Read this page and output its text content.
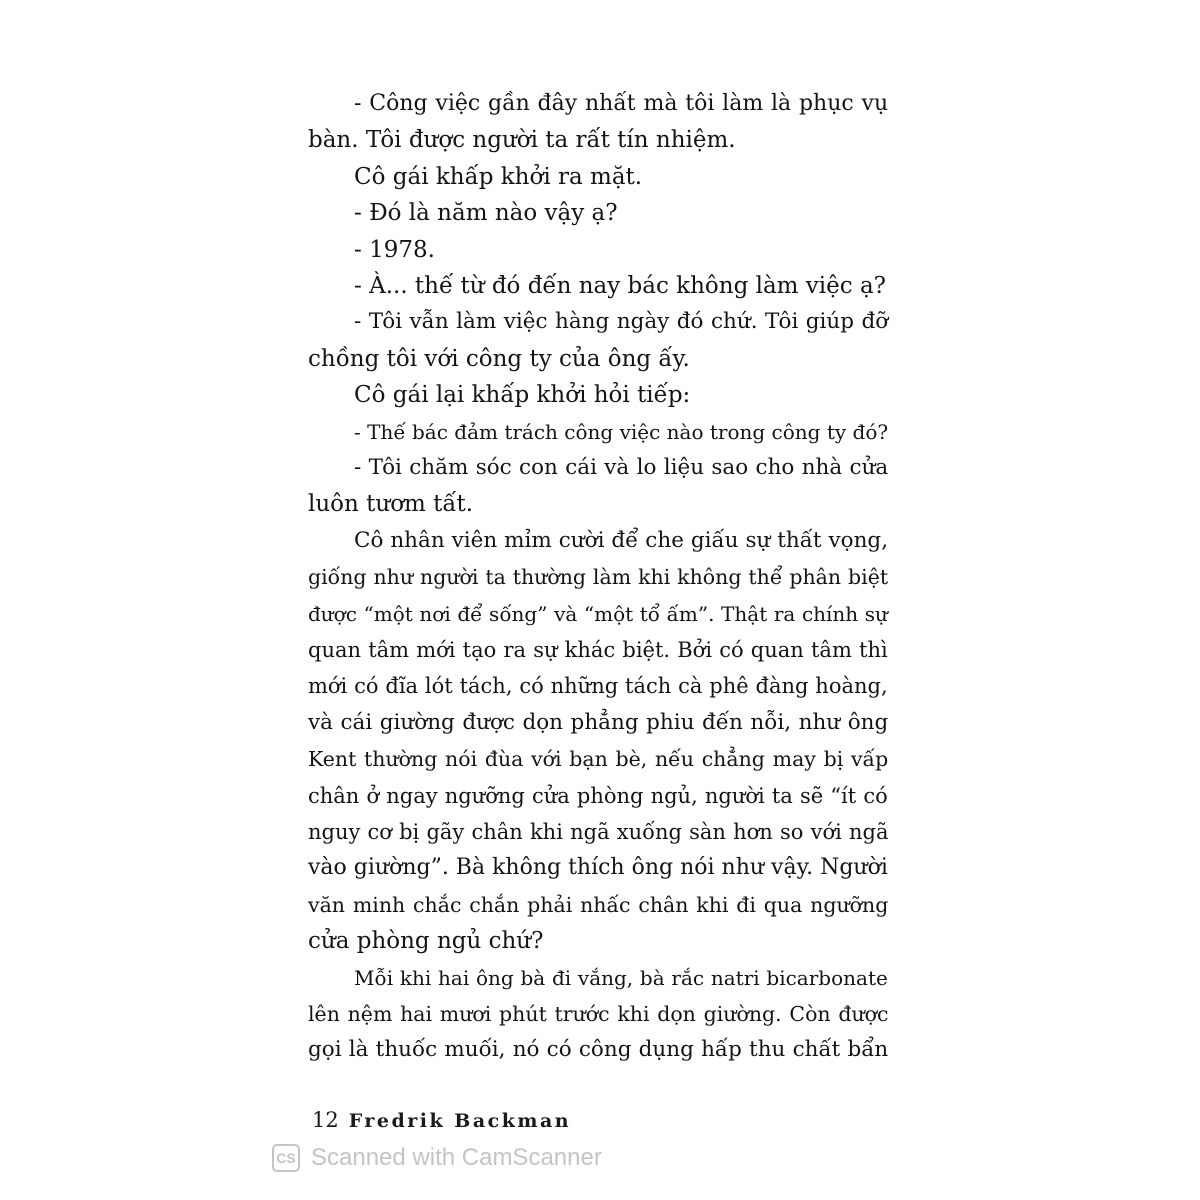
- Công việc gần đây nhất mà tôi làm là phục vụ
bàn. Tôi được người ta rất tín nhiệm.
Cô gái khấp khởi ra mặt.
- Đó là năm nào vậy ạ?
- 1978.
- À... thế từ đó đến nay bác không làm việc ạ?
- Tôi vẫn làm việc hàng ngày đó chứ. Tôi giúp đỡ
chồng tôi với công ty của ông ấy.
Cô gái lại khấp khởi hỏi tiếp:
- Thế bác đảm trách công việc nào trong công ty đó?
- Tôi chăm sóc con cái và lo liệu sao cho nhà cửa
luôn tươm tất.
Cô nhân viên mỉm cười để che giấu sự thất vọng,
giống như người ta thường làm khi không thể phân biệt
được “một nơi để sống” và “một tổ ấm”. Thật ra chính sự
quan tâm mới tạo ra sự khác biệt. Bởi có quan tâm thì
mới có đĩa lót tách, có những tách cà phê đàng hoàng,
và cái giường được dọn phẳng phiu đến nỗi, như ông
Kent thường nói đùa với bạn bè, nếu chẳng may bị vấp
chân ở ngay ngưỡng cửa phòng ngủ, người ta sẽ “ít có
nguy cơ bị gãy chân khi ngã xuống sàn hơn so với ngã
vào giường”. Bà không thích ông nói như vậy. Người
văn minh chắc chắn phải nhấc chân khi đi qua ngưỡng
cửa phòng ngủ chứ?
Mỗi khi hai ông bà đi vắng, bà rắc natri bicarbonate
lên nệm hai mươi phút trước khi dọn giường. Còn được
gọi là thuốc muối, nó có công dụng hấp thu chất bẩn
12 Fredrik Backman
CS Scanned with CamScanner
